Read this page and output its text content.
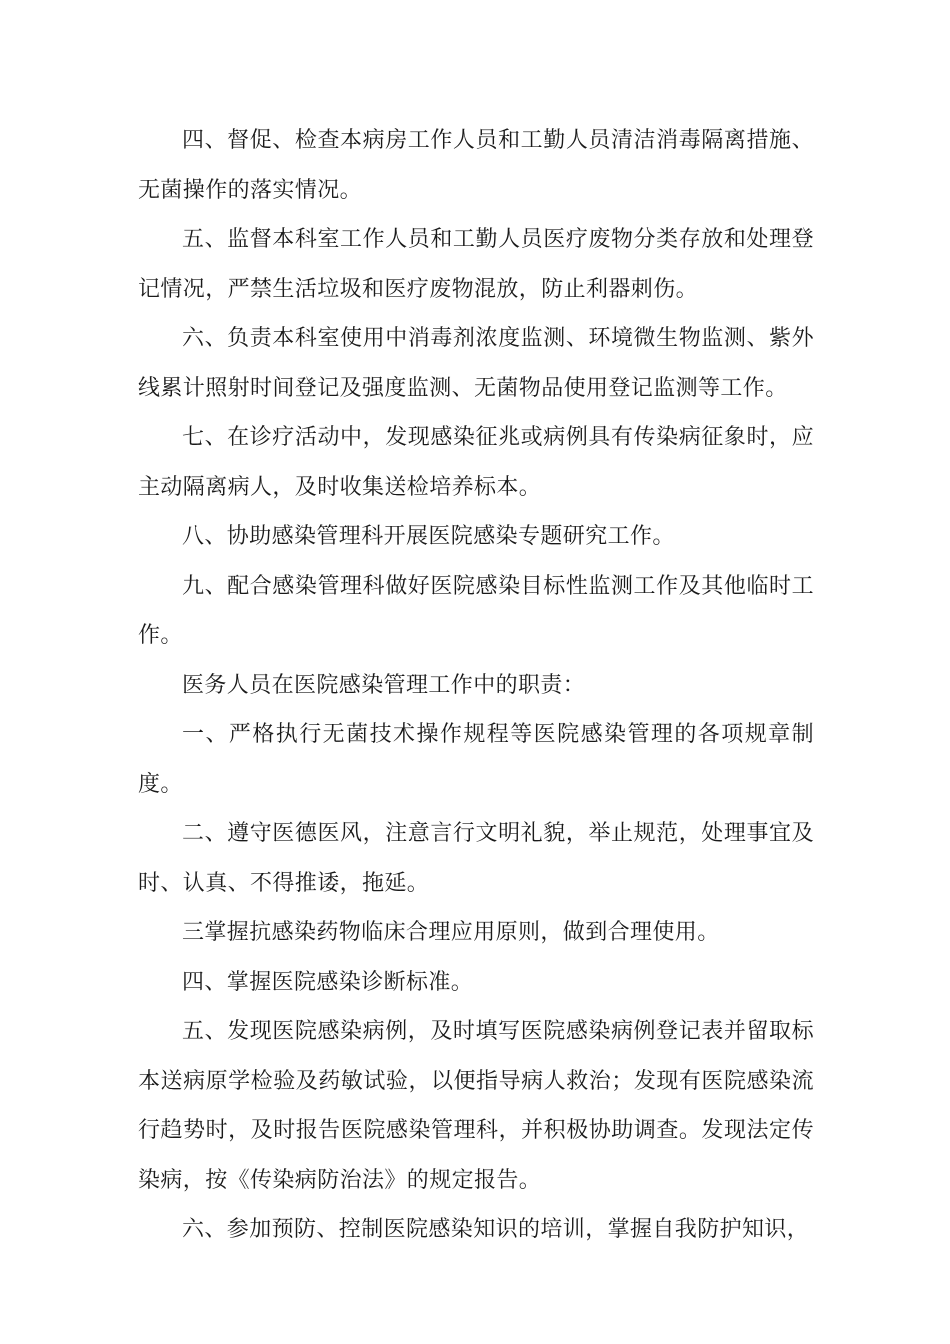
四、督促、检查本病房工作人员和工勤人员清洁消毒隔离措施、无菌操作的落实情况。

五、监督本科室工作人员和工勤人员医疗废物分类存放和处理登记情况，严禁生活垃圾和医疗废物混放，防止利器刺伤。

六、负责本科室使用中消毒剂浓度监测、环境微生物监测、紫外线累计照射时间登记及强度监测、无菌物品使用登记监测等工作。

七、在诊疗活动中，发现感染征兆或病例具有传染病征象时，应主动隔离病人，及时收集送检培养标本。

八、协助感染管理科开展医院感染专题研究工作。

九、配合感染管理科做好医院感染目标性监测工作及其他临时工作。

医务人员在医院感染管理工作中的职责：

一、严格执行无菌技术操作规程等医院感染管理的各项规章制度。

二、遵守医德医风，注意言行文明礼貌，举止规范，处理事宜及时、认真、不得推诿，拖延。

三掌握抗感染药物临床合理应用原则，做到合理使用。

四、掌握医院感染诊断标准。

五、发现医院感染病例，及时填写医院感染病例登记表并留取标本送病原学检验及药敏试验，以便指导病人救治；发现有医院感染流行趋势时，及时报告医院感染管理科，并积极协助调查。发现法定传染病，按《传染病防治法》的规定报告。

六、参加预防、控制医院感染知识的培训，掌握自我防护知识，
